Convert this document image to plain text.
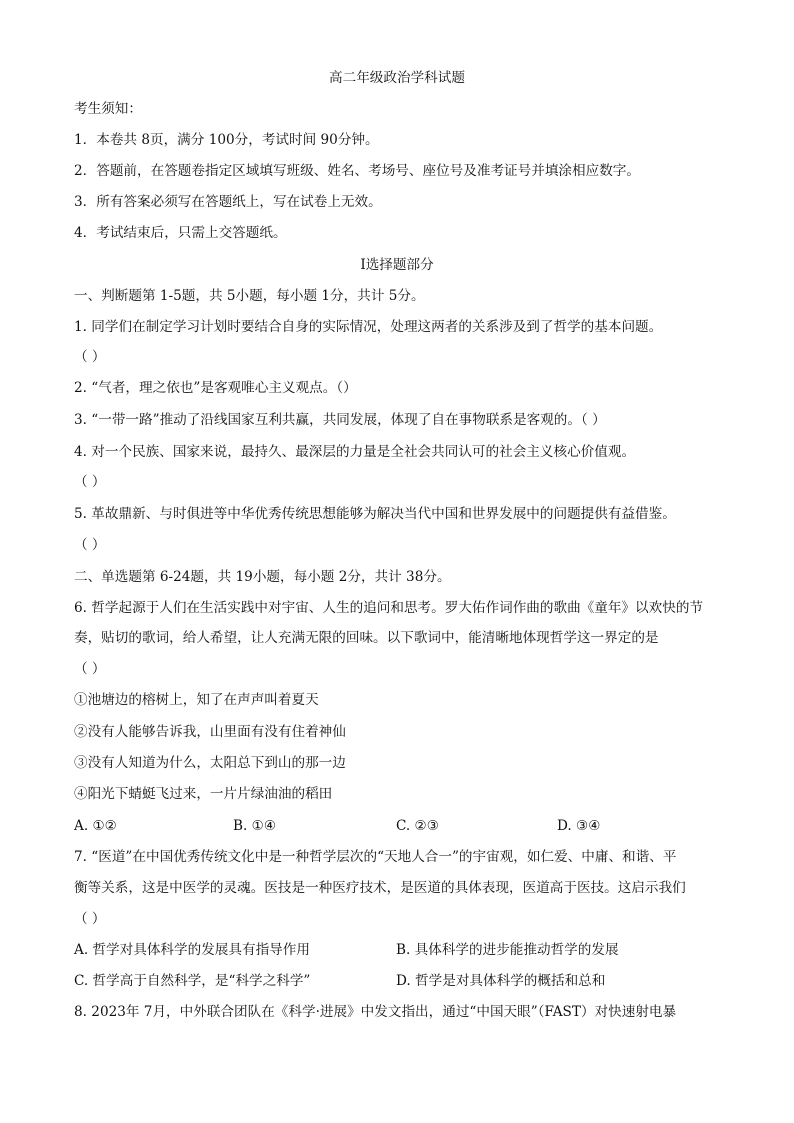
高二年级政治学科试题
考生须知：
1．本卷共 8页，满分 100分，考试时间 90分钟。
2．答题前，在答题卷指定区域填写班级、姓名、考场号、座位号及准考证号并填涂相应数字。
3．所有答案必须写在答题纸上，写在试卷上无效。
4．考试结束后，只需上交答题纸。
Ⅰ选择题部分
一、判断题第 1-5题，共 5小题，每小题 1分，共计 5分。
1. 同学们在制定学习计划时要结合自身的实际情况，处理这两者的关系涉及到了哲学的基本问题。
（ ）
2. “气者，理之依也”是客观唯心主义观点。（）
3. “一带一路”推动了沿线国家互利共赢，共同发展，体现了自在事物联系是客观的。（ ）
4. 对一个民族、国家来说，最持久、最深层的力量是全社会共同认可的社会主义核心价值观。
（ ）
5. 革故鼎新、与时俱进等中华优秀传统思想能够为解决当代中国和世界发展中的问题提供有益借鉴。
（ ）
二、单选题第 6-24题，共 19小题，每小题 2分，共计 38分。
6. 哲学起源于人们在生活实践中对宇宙、人生的追问和思考。罗大佑作词作曲的歌曲《童年》以欢快的节
奏，贴切的歌词，给人希望，让人充满无限的回味。以下歌词中，能清晰地体现哲学这一界定的是
（ ）
①池塘边的榕树上，知了在声声叫着夏天
②没有人能够告诉我，山里面有没有住着神仙
③没有人知道为什么，太阳总下到山的那一边
④阳光下蜻蜓飞过来，一片片绿油油的稻田
A. ①②	B. ①④	C. ②③	D. ③④
7. “医道”在中国优秀传统文化中是一种哲学层次的“天地人合一”的宇宙观，如仁爱、中庸、和谐、平
衡等关系，这是中医学的灵魂。医技是一种医疗技术，是医道的具体表现，医道高于医技。这启示我们
（ ）
A. 哲学对具体科学的发展具有指导作用	B. 具体科学的进步能推动哲学的发展
C. 哲学高于自然科学，是“科学之科学”	D. 哲学是对具体科学的概括和总和
8. 2023年 7月，中外联合团队在《科学·进展》中发文指出，通过“中国天眼”（FAST）对快速射电暴
